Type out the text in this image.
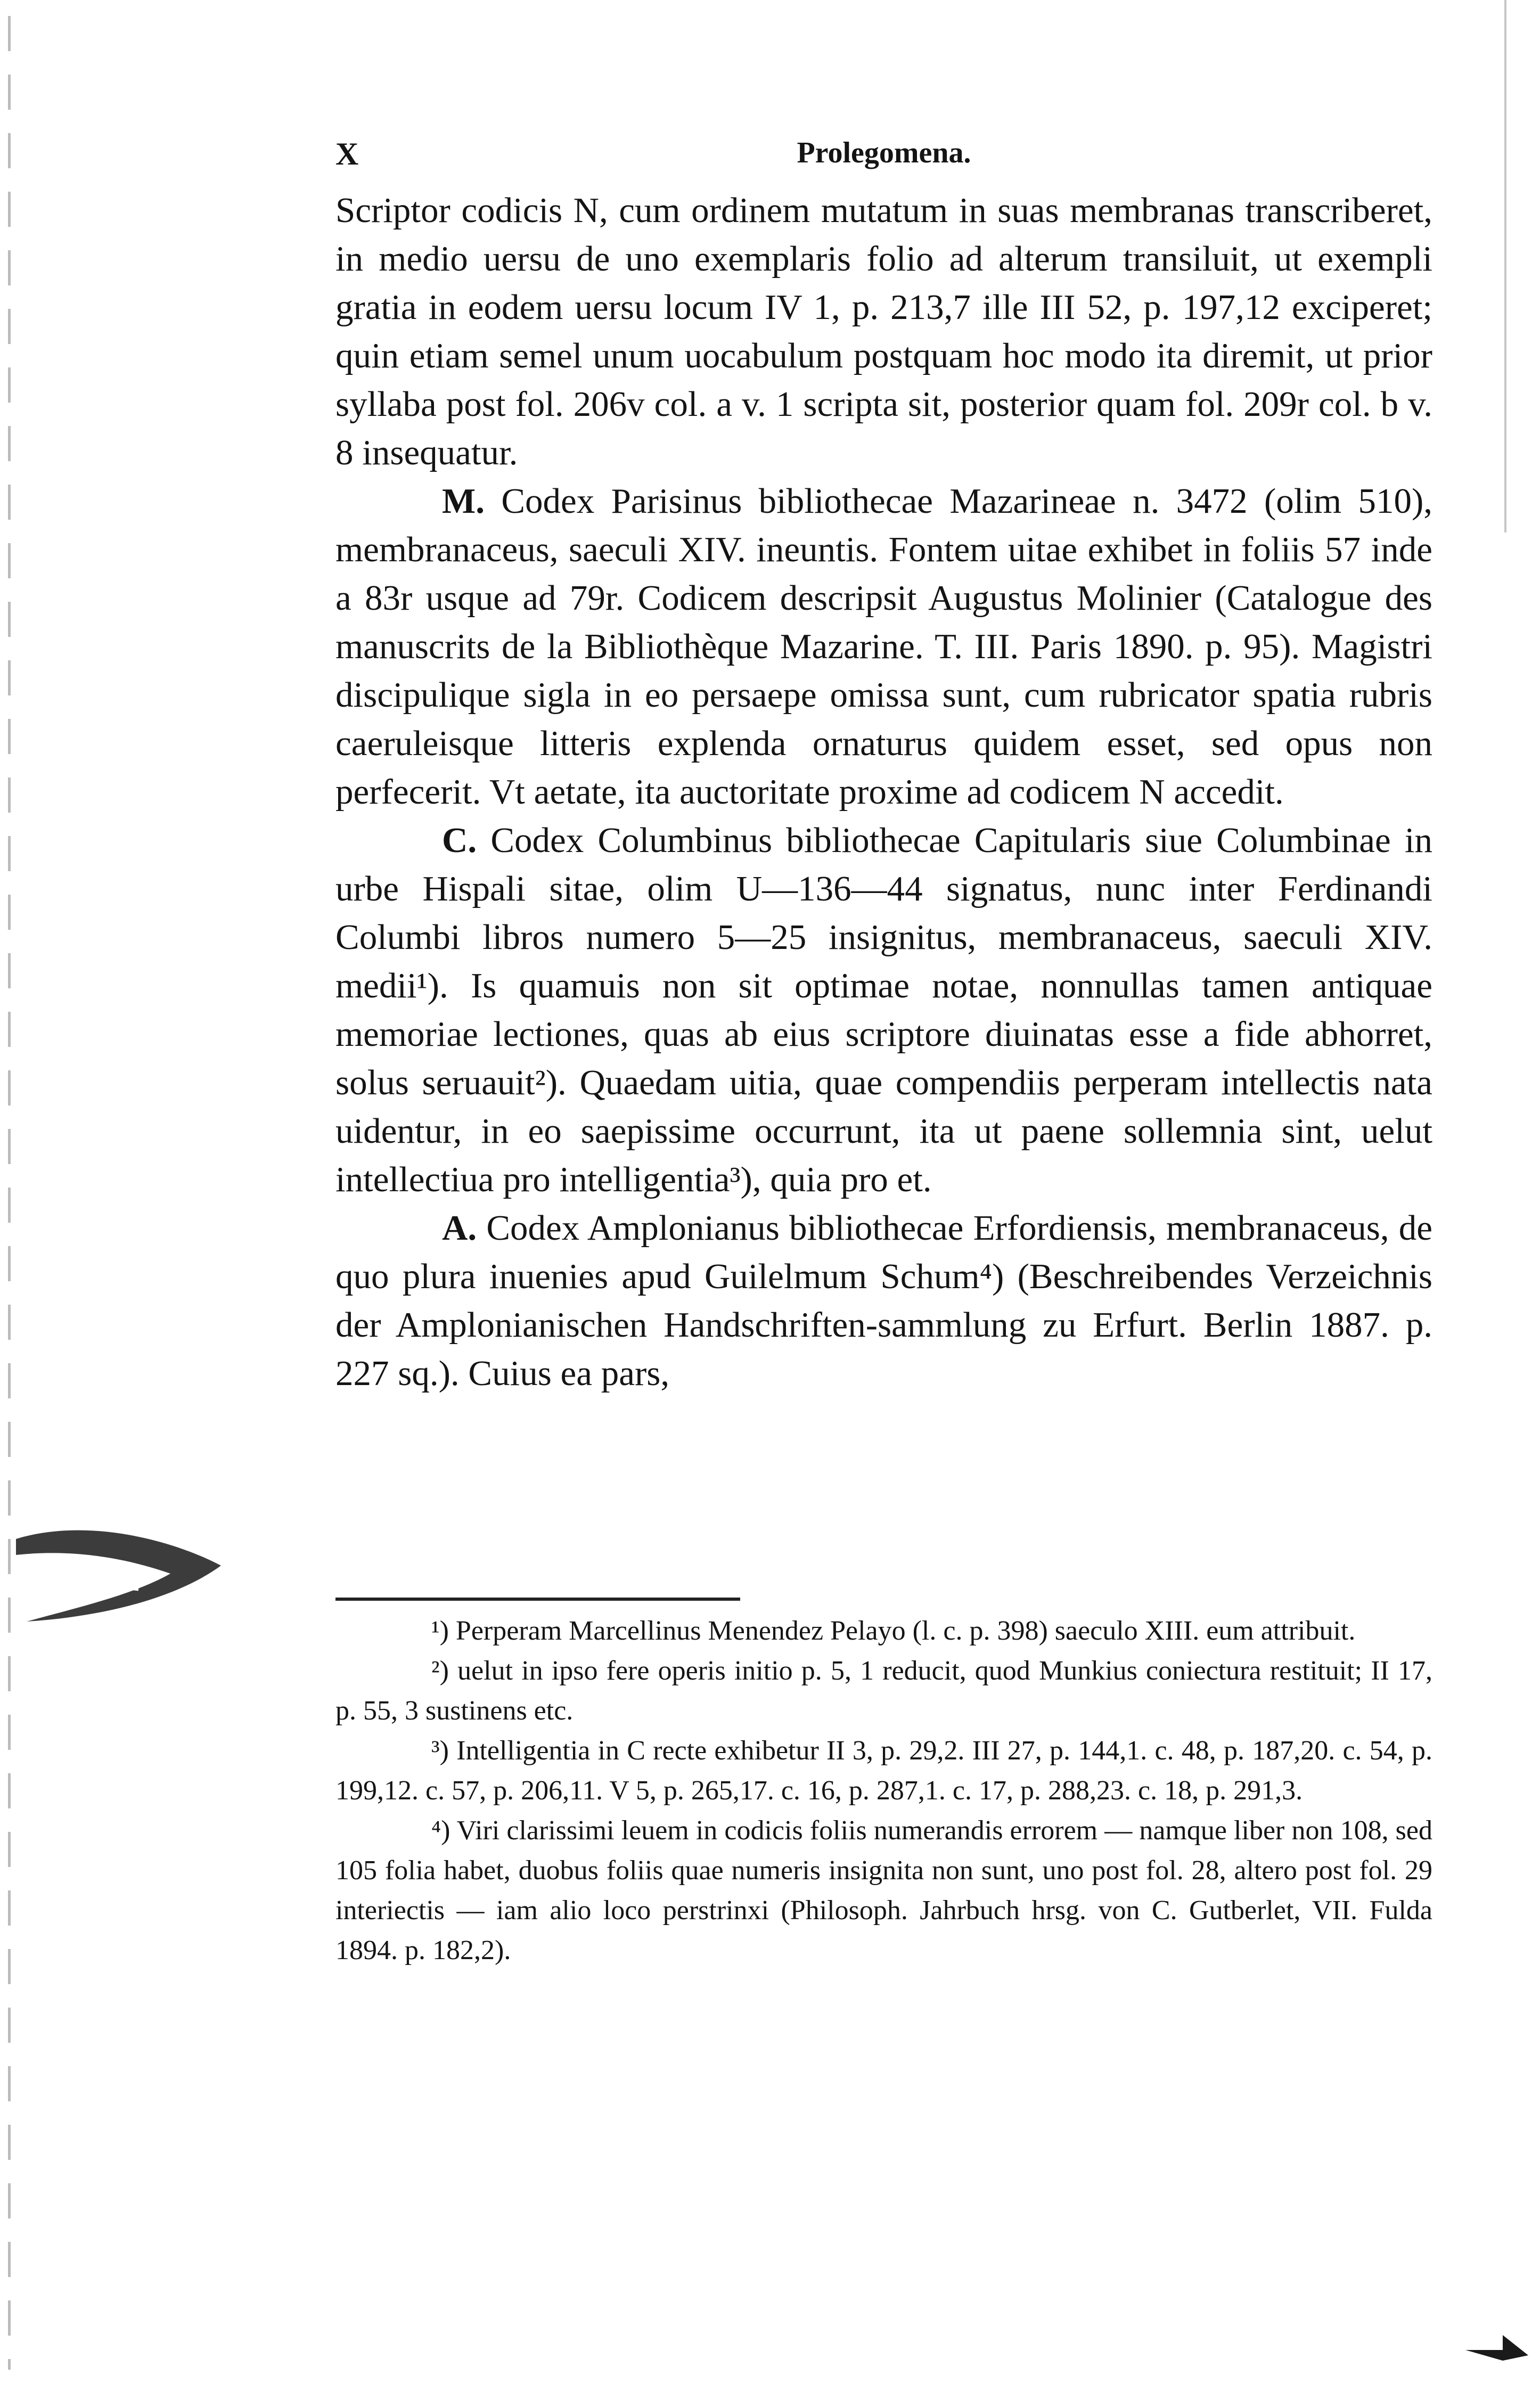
X	Prolegomena.

Scriptor codicis N, cum ordinem mutatum in suas membranas transcriberet, in medio uersu de uno exemplaris folio ad alterum transiluit, ut exempli gratia in eodem uersu locum IV 1, p. 213,7 ille III 52, p. 197,12 exciperet; quin etiam semel unum uocabulum postquam hoc modo ita diremit, ut prior syllaba post fol. 206v col. a v. 1 scripta sit, posterior quam fol. 209r col. b v. 8 insequatur.

M. Codex Parisinus bibliothecae Mazarineae n. 3472 (olim 510), membranaceus, saeculi XIV. ineuntis. Fontem uitae exhibet in foliis 57 inde a 83r usque ad 79r. Codicem descripsit Augustus Molinier (Catalogue des manuscrits de la Bibliothèque Mazarine. T. III. Paris 1890. p. 95). Magistri discipulique sigla in eo persaepe omissa sunt, cum rubricator spatia rubris caeruleisque litteris explenda ornaturus quidem esset, sed opus non perfecerit. Vt aetate, ita auctoritate proxime ad codicem N accedit.

C. Codex Columbinus bibliothecae Capitularis siue Columbinae in urbe Hispali sitae, olim U—136—44 signatus, nunc inter Ferdinandi Columbi libros numero 5—25 insignitus, membranaceus, saeculi XIV. medii¹). Is quamuis non sit optimae notae, nonnullas tamen antiquae memoriae lectiones, quas ab eius scriptore diuinatas esse a fide abhorret, solus seruauit²). Quaedam uitia, quae compendiis perperam intellectis nata uidentur, in eo saepissime occurrunt, ita ut paene sollemnia sint, uelut intellectiua pro intelligentia³), quia pro et.

A. Codex Amplonianus bibliothecae Erfordiensis, membranaceus, de quo plura inuenies apud Guilelmum Schum⁴) (Beschreibendes Verzeichnis der Amplonianischen Handschriften-sammlung zu Erfurt. Berlin 1887. p. 227 sq.). Cuius ea pars,

¹) Perperam Marcellinus Menendez Pelayo (l. c. p. 398) saeculo XIII. eum attribuit.

²) uelut in ipso fere operis initio p. 5, 1 reducit, quod Munkius coniectura restituit; II 17, p. 55, 3 sustinens etc.

³) Intelligentia in C recte exhibetur II 3, p. 29,2. III 27, p. 144,1. c. 48, p. 187,20. c. 54, p. 199,12. c. 57, p. 206,11. V 5, p. 265,17. c. 16, p. 287,1. c. 17, p. 288,23. c. 18, p. 291,3.

⁴) Viri clarissimi leuem in codicis foliis numerandis errorem — namque liber non 108, sed 105 folia habet, duobus foliis quae numeris insignita non sunt, uno post fol. 28, altero post fol. 29 interiectis — iam alio loco perstrinxi (Philosoph. Jahrbuch hrsg. von C. Gutberlet, VII. Fulda 1894. p. 182,2).
